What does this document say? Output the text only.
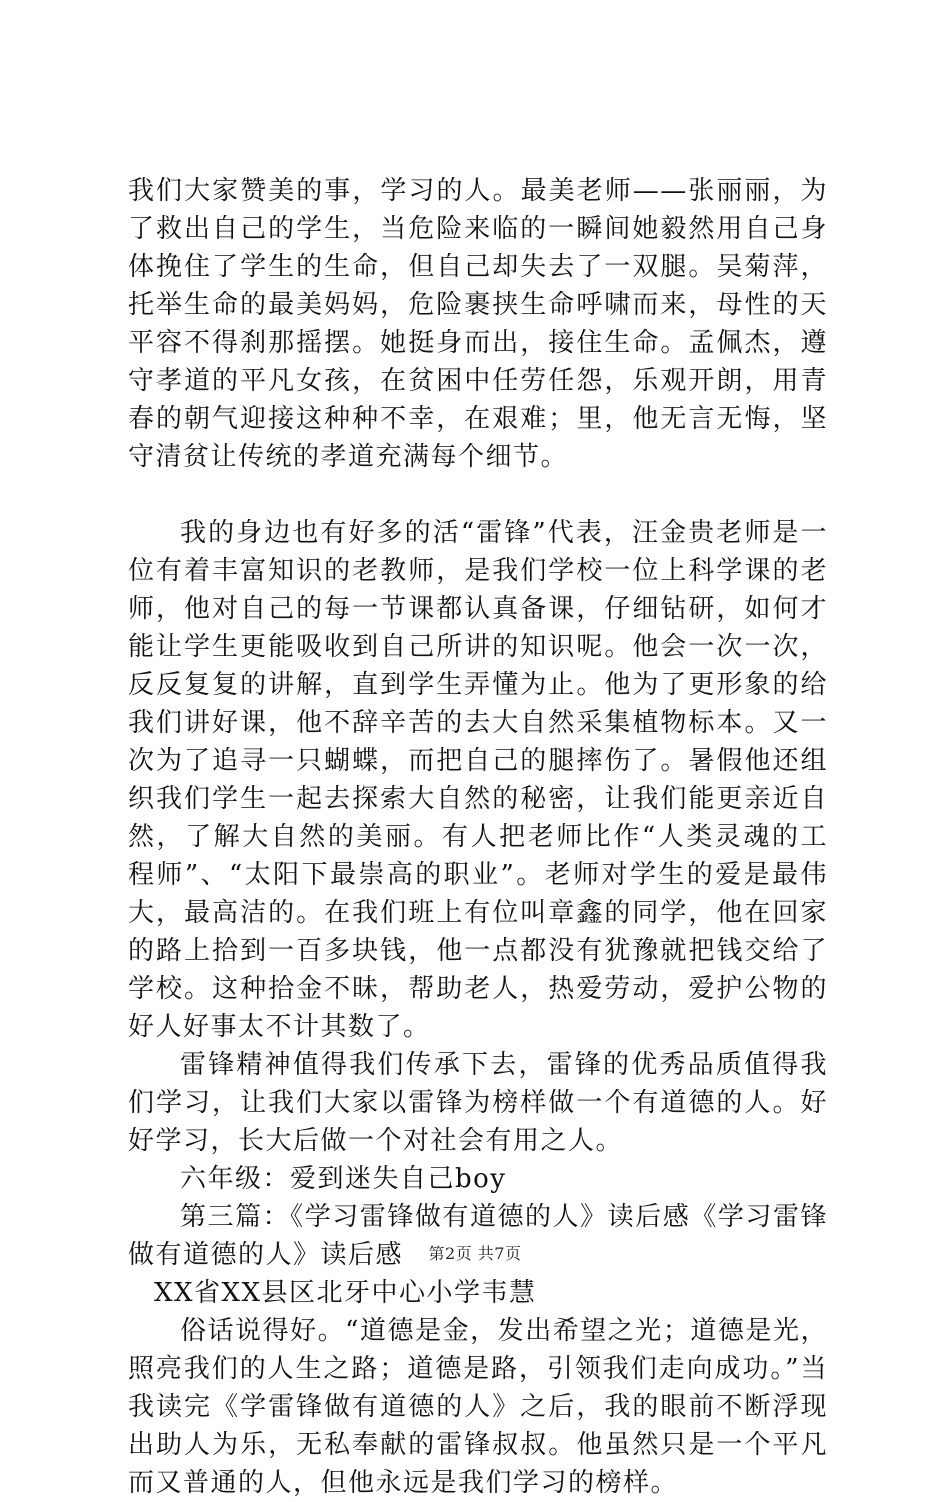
我们大家赞美的事，学习的人。最美老师——张丽丽，为了救出自己的学生，当危险来临的一瞬间她毅然用自己身体挽住了学生的生命，但自己却失去了一双腿。吴菊萍，托举生命的最美妈妈，危险裹挟生命呼啸而来，母性的天平容不得刹那摇摆。她挺身而出，接住生命。孟佩杰，遵守孝道的平凡女孩，在贫困中任劳任怨，乐观开朗，用青春的朝气迎接这种种不幸，在艰难；里，他无言无悔，坚守清贫让传统的孝道充满每个细节。

我的身边也有好多的活“雷锋”代表，汪金贵老师是一位有着丰富知识的老教师，是我们学校一位上科学课的老师，他对自己的每一节课都认真备课，仔细钻研，如何才能让学生更能吸收到自己所讲的知识呢。他会一次一次，反反复复的讲解，直到学生弄懂为止。他为了更形象的给我们讲好课，他不辞辛苦的去大自然采集植物标本。又一次为了追寻一只蝴蝶，而把自己的腿摔伤了。暑假他还组织我们学生一起去探索大自然的秘密，让我们能更亲近自然，了解大自然的美丽。有人把老师比作“人类灵魂的工程师”、“太阳下最崇高的职业”。老师对学生的爱是最伟大，最高洁的。在我们班上有位叫章鑫的同学，他在回家的路上拾到一百多块钱，他一点都没有犹豫就把钱交给了学校。这种拾金不昧，帮助老人，热爱劳动，爱护公物的好人好事太不计其数了。

雷锋精神值得我们传承下去，雷锋的优秀品质值得我们学习，让我们大家以雷锋为榜样做一个有道德的人。好好学习，长大后做一个对社会有用之人。

六年级：爱到迷失自己boy

第三篇：《学习雷锋做有道德的人》读后感《学习雷锋做有道德的人》读后感

XX省XX县区北牙中心小学韦慧

俗话说得好。“道德是金，发出希望之光；道德是光，照亮我们的人生之路；道德是路，引领我们走向成功。”当我读完《学雷锋做有道德的人》之后，我的眼前不断浮现出助人为乐，无私奉献的雷锋叔叔。他虽然只是一个平凡而又普通的人，但他永远是我们学习的榜样。

第2页 共7页
